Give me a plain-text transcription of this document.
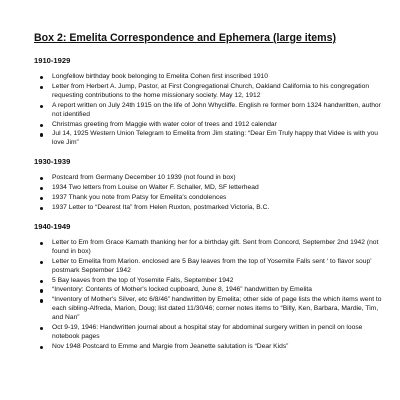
Box 2: Emelita Correspondence and Ephemera (large items)
1910-1929
Longfellow birthday book belonging to Emelita Cohen first inscribed 1910
Letter from Herbert A. Jump, Pastor, at First Congregational Church, Oakland California to his congregation requesting contributions to the home missionary society. May 12, 1912
A report written on July 24th 1915 on the life of John Whycliffe. English re former born 1324 handwritten, author not identified
Christmas greeting from Maggie with water color of trees and 1912 calendar
Jul 14, 1925 Western Union Telegram to Emelita from Jim stating: “Dear Em Truly happy that Videe is with you love Jim”
1930-1939
Postcard from Germany December 10 1939 (not found in box)
1934 Two letters from Louise on Walter F. Schaller, MD, SF letterhead
1937 Thank you note from Patsy for Emelita's condolences
1937 Letter to “Dearest Ita” from Helen Ruxton, postmarked Victoria, B.C.
1940-1949
Letter to Em from Grace Kamath thanking her for a birthday gift. Sent from Concord, September 2nd 1942 (not found in box)
Letter to Emelita from Marion. enclosed are 5 Bay leaves from the top of Yosemite Falls sent ‘ to flavor soup’ postmark September 1942
5 Bay leaves from the top of Yosemite Falls, September 1942
“Inventory: Contents of Mother's locked cupboard, June 8, 1946” handwritten by Emelita
“Inventory of Mother's Silver, etc 6/8/46” handwritten by Emelita; other side of page lists the which items went to each sibling-Alfreda, Marion, Doug; list dated 11/30/46; corner notes items to “Billy, Ken, Barbara, Mardie, Tim, and Nan”
Oct 9-19, 1946: Handwritten journal about a hospital stay for abdominal surgery written in pencil on loose notebook pages
Nov 1948 Postcard to Emme and Margie from Jeanette salutation is “Dear Kids”
